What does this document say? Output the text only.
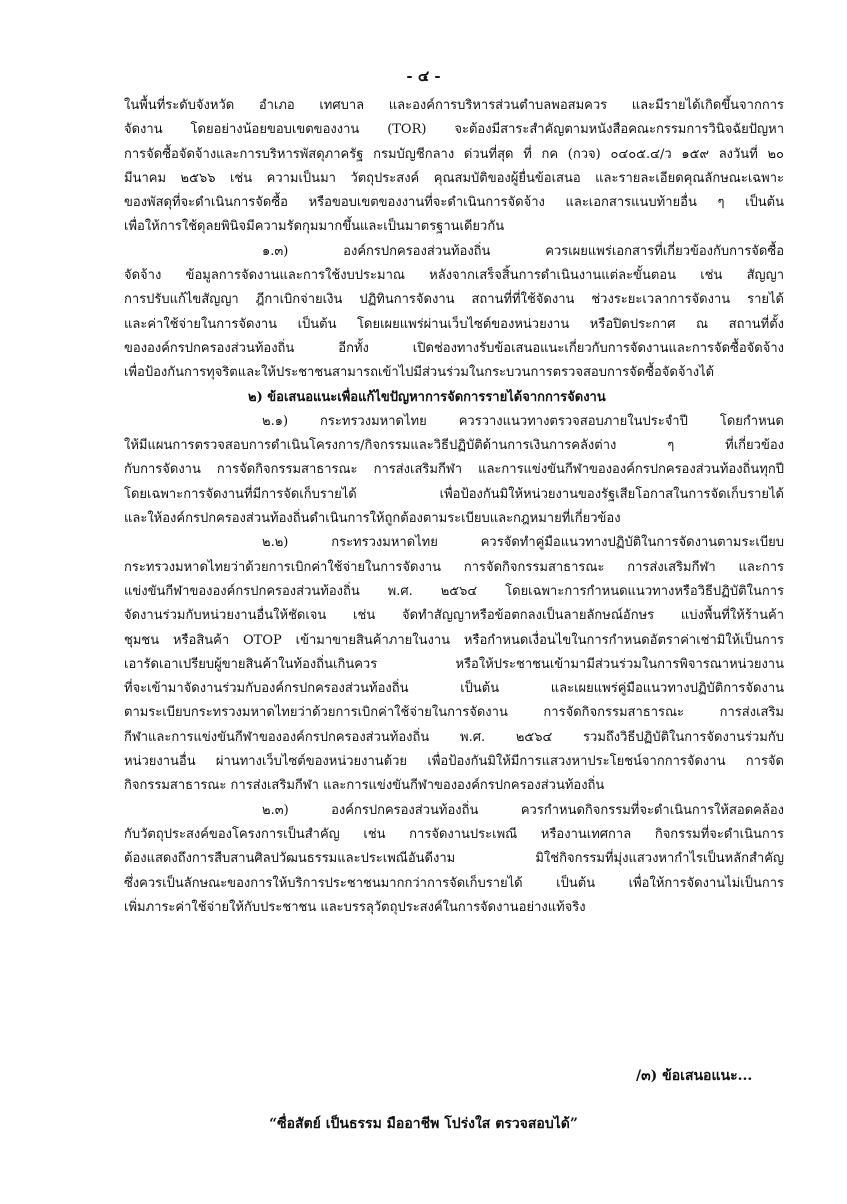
- ๔ -
ในพื้นที่ระดับจังหวัด อำเภอ เทศบาล และองค์การบริหารส่วนตำบลพอสมควร และมีรายได้เกิดขึ้นจากการ
จัดงาน โดยอย่างน้อยขอบเขตของงาน (TOR) จะต้องมีสาระสำคัญตามหนังสือคณะกรรมการวินิจฉัยปัญหา
การจัดซื้อจัดจ้างและการบริหารพัสดุภาครัฐ กรมบัญชีกลาง ด่วนที่สุด ที่ กค (กวจ) ๐๔๐๕.๔/ว ๑๕๙ ลงวันที่ ๒๐
มีนาคม ๒๕๖๖ เช่น ความเป็นมา วัตถุประสงค์ คุณสมบัติของผู้ยื่นข้อเสนอ และรายละเอียดคุณลักษณะเฉพาะ
ของพัสดุที่จะดำเนินการจัดซื้อ หรือขอบเขตของงานที่จะดำเนินการจัดจ้าง และเอกสารแนบท้ายอื่น ๆ เป็นต้น
เพื่อให้การใช้ดุลยพินิจมีความรัดกุมมากขึ้นและเป็นมาตรฐานเดียวกัน
๑.๓) องค์กรปกครองส่วนท้องถิ่น ควรเผยแพร่เอกสารที่เกี่ยวข้องกับการจัดซื้อ
จัดจ้าง ข้อมูลการจัดงานและการใช้งบประมาณ หลังจากเสร็จสิ้นการดำเนินงานแต่ละขั้นตอน เช่น สัญญา
การปรับแก้ไขสัญญา ฎีกาเบิกจ่ายเงิน ปฏิทินการจัดงาน สถานที่ที่ใช้จัดงาน ช่วงระยะเวลาการจัดงาน รายได้
และค่าใช้จ่ายในการจัดงาน เป็นต้น โดยเผยแพร่ผ่านเว็บไซต์ของหน่วยงาน หรือปิดประกาศ ณ สถานที่ตั้ง
ขององค์กรปกครองส่วนท้องถิ่น อีกทั้ง เปิดช่องทางรับข้อเสนอแนะเกี่ยวกับการจัดงานและการจัดซื้อจัดจ้าง
เพื่อป้องกันการทุจริตและให้ประชาชนสามารถเข้าไปมีส่วนร่วมในกระบวนการตรวจสอบการจัดซื้อจัดจ้างได้
๒) ข้อเสนอแนะเพื่อแก้ไขปัญหาการจัดการรายได้จากการจัดงาน
๒.๑) กระทรวงมหาดไทย ควรวางแนวทางตรวจสอบภายในประจำปี โดยกำหนด
ให้มีแผนการตรวจสอบการดำเนินโครงการ/กิจกรรมและวิธีปฏิบัติด้านการเงินการคลังต่าง ๆ ที่เกี่ยวข้อง
กับการจัดงาน การจัดกิจกรรมสาธารณะ การส่งเสริมกีฬา และการแข่งขันกีฬาขององค์กรปกครองส่วนท้องถิ่นทุกปี
โดยเฉพาะการจัดงานที่มีการจัดเก็บรายได้ เพื่อป้องกันมิให้หน่วยงานของรัฐเสียโอกาสในการจัดเก็บรายได้
และให้องค์กรปกครองส่วนท้องถิ่นดำเนินการให้ถูกต้องตามระเบียบและกฎหมายที่เกี่ยวข้อง
๒.๒) กระทรวงมหาดไทย ควรจัดทำคู่มือแนวทางปฏิบัติในการจัดงานตามระเบียบ
กระทรวงมหาดไทยว่าด้วยการเบิกค่าใช้จ่ายในการจัดงาน การจัดกิจกรรมสาธารณะ การส่งเสริมกีฬา และการ
แข่งขันกีฬาขององค์กรปกครองส่วนท้องถิ่น พ.ศ. ๒๕๖๔ โดยเฉพาะการกำหนดแนวทางหรือวิธีปฏิบัติในการ
จัดงานร่วมกับหน่วยงานอื่นให้ชัดเจน เช่น จัดทำสัญญาหรือข้อตกลงเป็นลายลักษณ์อักษร แบ่งพื้นที่ให้ร้านค้า
ชุมชน หรือสินค้า OTOP เข้ามาขายสินค้าภายในงาน หรือกำหนดเงื่อนไขในการกำหนดอัตราค่าเช่ามิให้เป็นการ
เอารัดเอาเปรียบผู้ขายสินค้าในท้องถิ่นเกินควร หรือให้ประชาชนเข้ามามีส่วนร่วมในการพิจารณาหน่วยงาน
ที่จะเข้ามาจัดงานร่วมกับองค์กรปกครองส่วนท้องถิ่น เป็นต้น และเผยแพร่คู่มือแนวทางปฏิบัติการจัดงาน
ตามระเบียบกระทรวงมหาดไทยว่าด้วยการเบิกค่าใช้จ่ายในการจัดงาน การจัดกิจกรรมสาธารณะ การส่งเสริม
กีฬาและการแข่งขันกีฬาขององค์กรปกครองส่วนท้องถิ่น พ.ศ. ๒๕๖๔ รวมถึงวิธีปฏิบัติในการจัดงานร่วมกับ
หน่วยงานอื่น ผ่านทางเว็บไซต์ของหน่วยงานด้วย เพื่อป้องกันมิให้มีการแสวงหาประโยชน์จากการจัดงาน การจัด
กิจกรรมสาธารณะ การส่งเสริมกีฬา และการแข่งขันกีฬาขององค์กรปกครองส่วนท้องถิ่น
๒.๓) องค์กรปกครองส่วนท้องถิ่น ควรกำหนดกิจกรรมที่จะดำเนินการให้สอดคล้อง
กับวัตถุประสงค์ของโครงการเป็นสำคัญ เช่น การจัดงานประเพณี หรืองานเทศกาล กิจกรรมที่จะดำเนินการ
ต้องแสดงถึงการสืบสานศิลปวัฒนธรรมและประเพณีอันดีงาม มิใช่กิจกรรมที่มุ่งแสวงหากำไรเป็นหลักสำคัญ
ซึ่งควรเป็นลักษณะของการให้บริการประชาชนมากกว่าการจัดเก็บรายได้ เป็นต้น เพื่อให้การจัดงานไม่เป็นการ
เพิ่มภาระค่าใช้จ่ายให้กับประชาชน และบรรลุวัตถุประสงค์ในการจัดงานอย่างแท้จริง
/๓) ข้อเสนอแนะ...
“ซื่อสัตย์ เป็นธรรม มืออาชีพ โปร่งใส ตรวจสอบได้”
